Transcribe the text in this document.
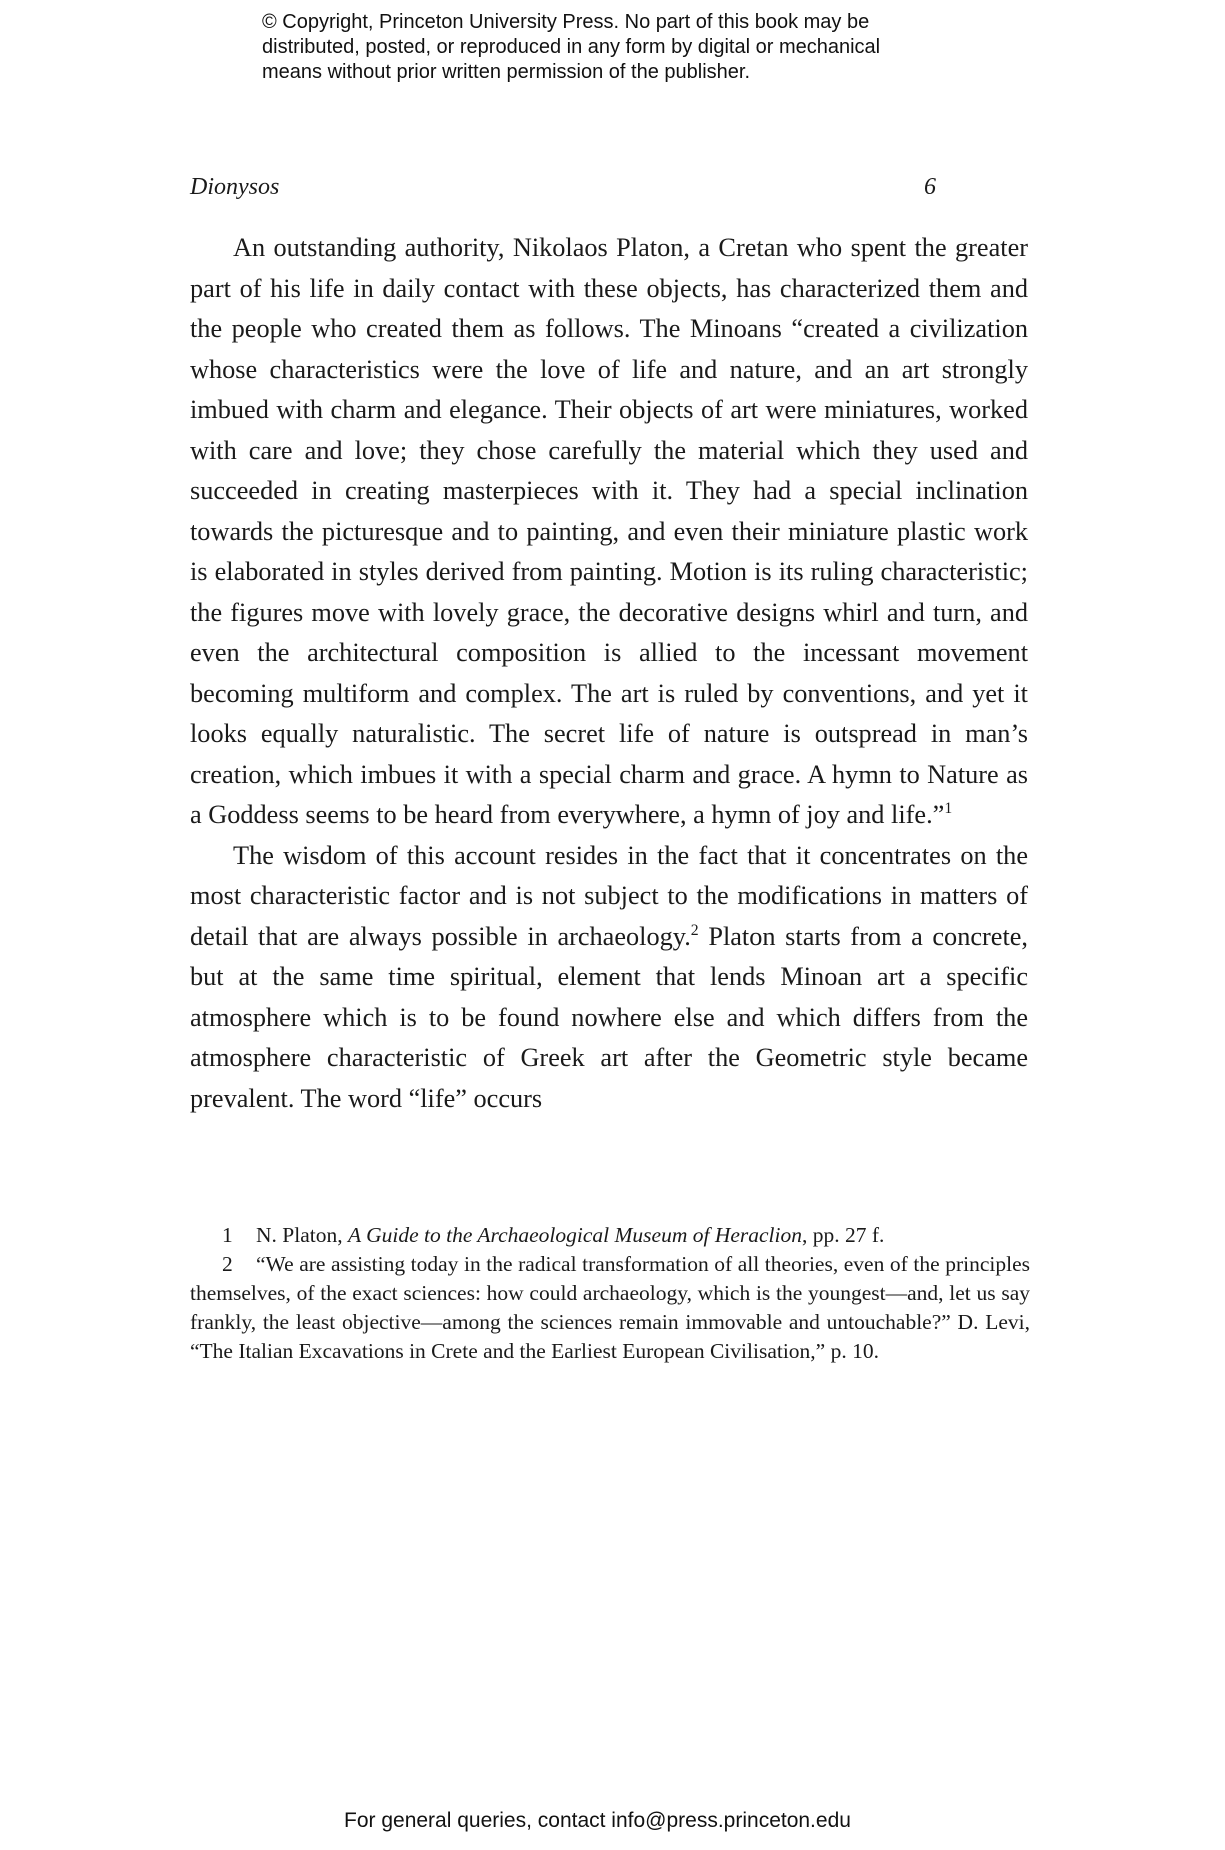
© Copyright, Princeton University Press. No part of this book may be
distributed, posted, or reproduced in any form by digital or mechanical
means without prior written permission of the publisher.
Dionysos	6

An outstanding authority, Nikolaos Platon, a Cretan who spent the greater part of his life in daily contact with these objects, has characterized them and the people who created them as follows. The Minoans “created a civilization whose characteristics were the love of life and nature, and an art strongly imbued with charm and elegance. Their objects of art were miniatures, worked with care and love; they chose carefully the material which they used and succeeded in creating masterpieces with it. They had a special inclination towards the picturesque and to painting, and even their miniature plastic work is elaborated in styles derived from painting. Motion is its ruling characteristic; the figures move with lovely grace, the decorative designs whirl and turn, and even the architectural composition is allied to the incessant movement becoming multiform and complex. The art is ruled by conventions, and yet it looks equally naturalistic. The secret life of nature is outspread in man’s creation, which imbues it with a special charm and grace. A hymn to Nature as a Goddess seems to be heard from everywhere, a hymn of joy and life.”$^1$

The wisdom of this account resides in the fact that it concentrates on the most characteristic factor and is not subject to the modifications in matters of detail that are always possible in archaeology.$^2$ Platon starts from a concrete, but at the same time spiritual, element that lends Minoan art a specific atmosphere which is to be found nowhere else and which differs from the atmosphere characteristic of Greek art after the Geometric style became prevalent. The word “life” occurs

1 N. Platon, A Guide to the Archaeological Museum of Heraclion, pp. 27 f.

2 “We are assisting today in the radical transformation of all theories, even of the principles themselves, of the exact sciences: how could archaeology, which is the youngest—and, let us say frankly, the least objective—among the sciences remain immovable and untouchable?” D. Levi, “The Italian Excavations in Crete and the Earliest European Civilisation,” p. 10.

For general queries, contact info@press.princeton.edu
